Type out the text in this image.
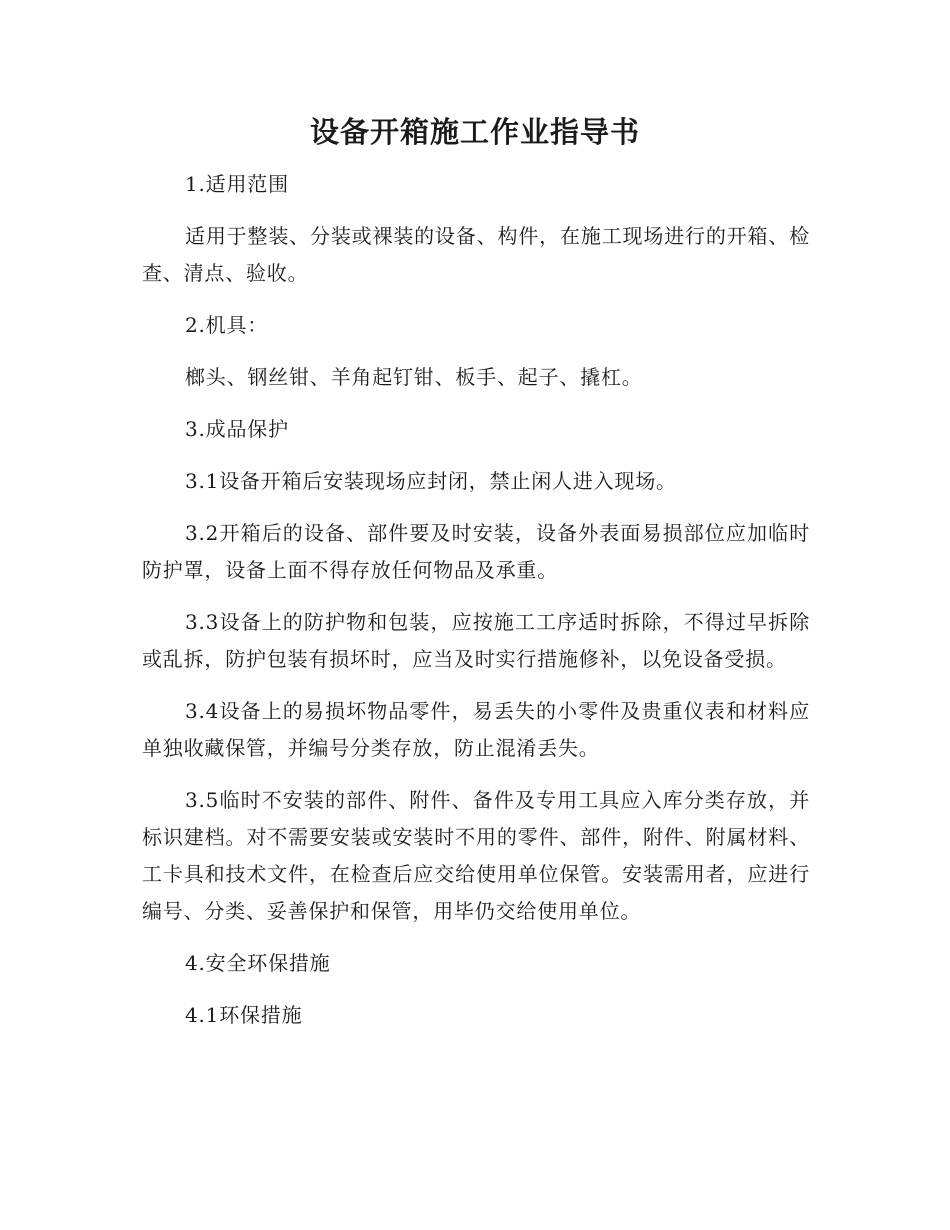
设备开箱施工作业指导书

1.适用范围

适用于整装、分装或裸装的设备、构件，在施工现场进行的开箱、检查、清点、验收。

2.机具：

榔头、钢丝钳、羊角起钉钳、板手、起子、撬杠。

3.成品保护

3.1设备开箱后安装现场应封闭，禁止闲人进入现场。

3.2开箱后的设备、部件要及时安装，设备外表面易损部位应加临时防护罩，设备上面不得存放任何物品及承重。

3.3设备上的防护物和包装，应按施工工序适时拆除，不得过早拆除或乱拆，防护包装有损坏时，应当及时实行措施修补，以免设备受损。

3.4设备上的易损坏物品零件，易丢失的小零件及贵重仪表和材料应单独收藏保管，并编号分类存放，防止混淆丢失。

3.5临时不安装的部件、附件、备件及专用工具应入库分类存放，并标识建档。对不需要安装或安装时不用的零件、部件，附件、附属材料、工卡具和技术文件，在检查后应交给使用单位保管。安装需用者，应进行编号、分类、妥善保护和保管，用毕仍交给使用单位。

4.安全环保措施

4.1环保措施
